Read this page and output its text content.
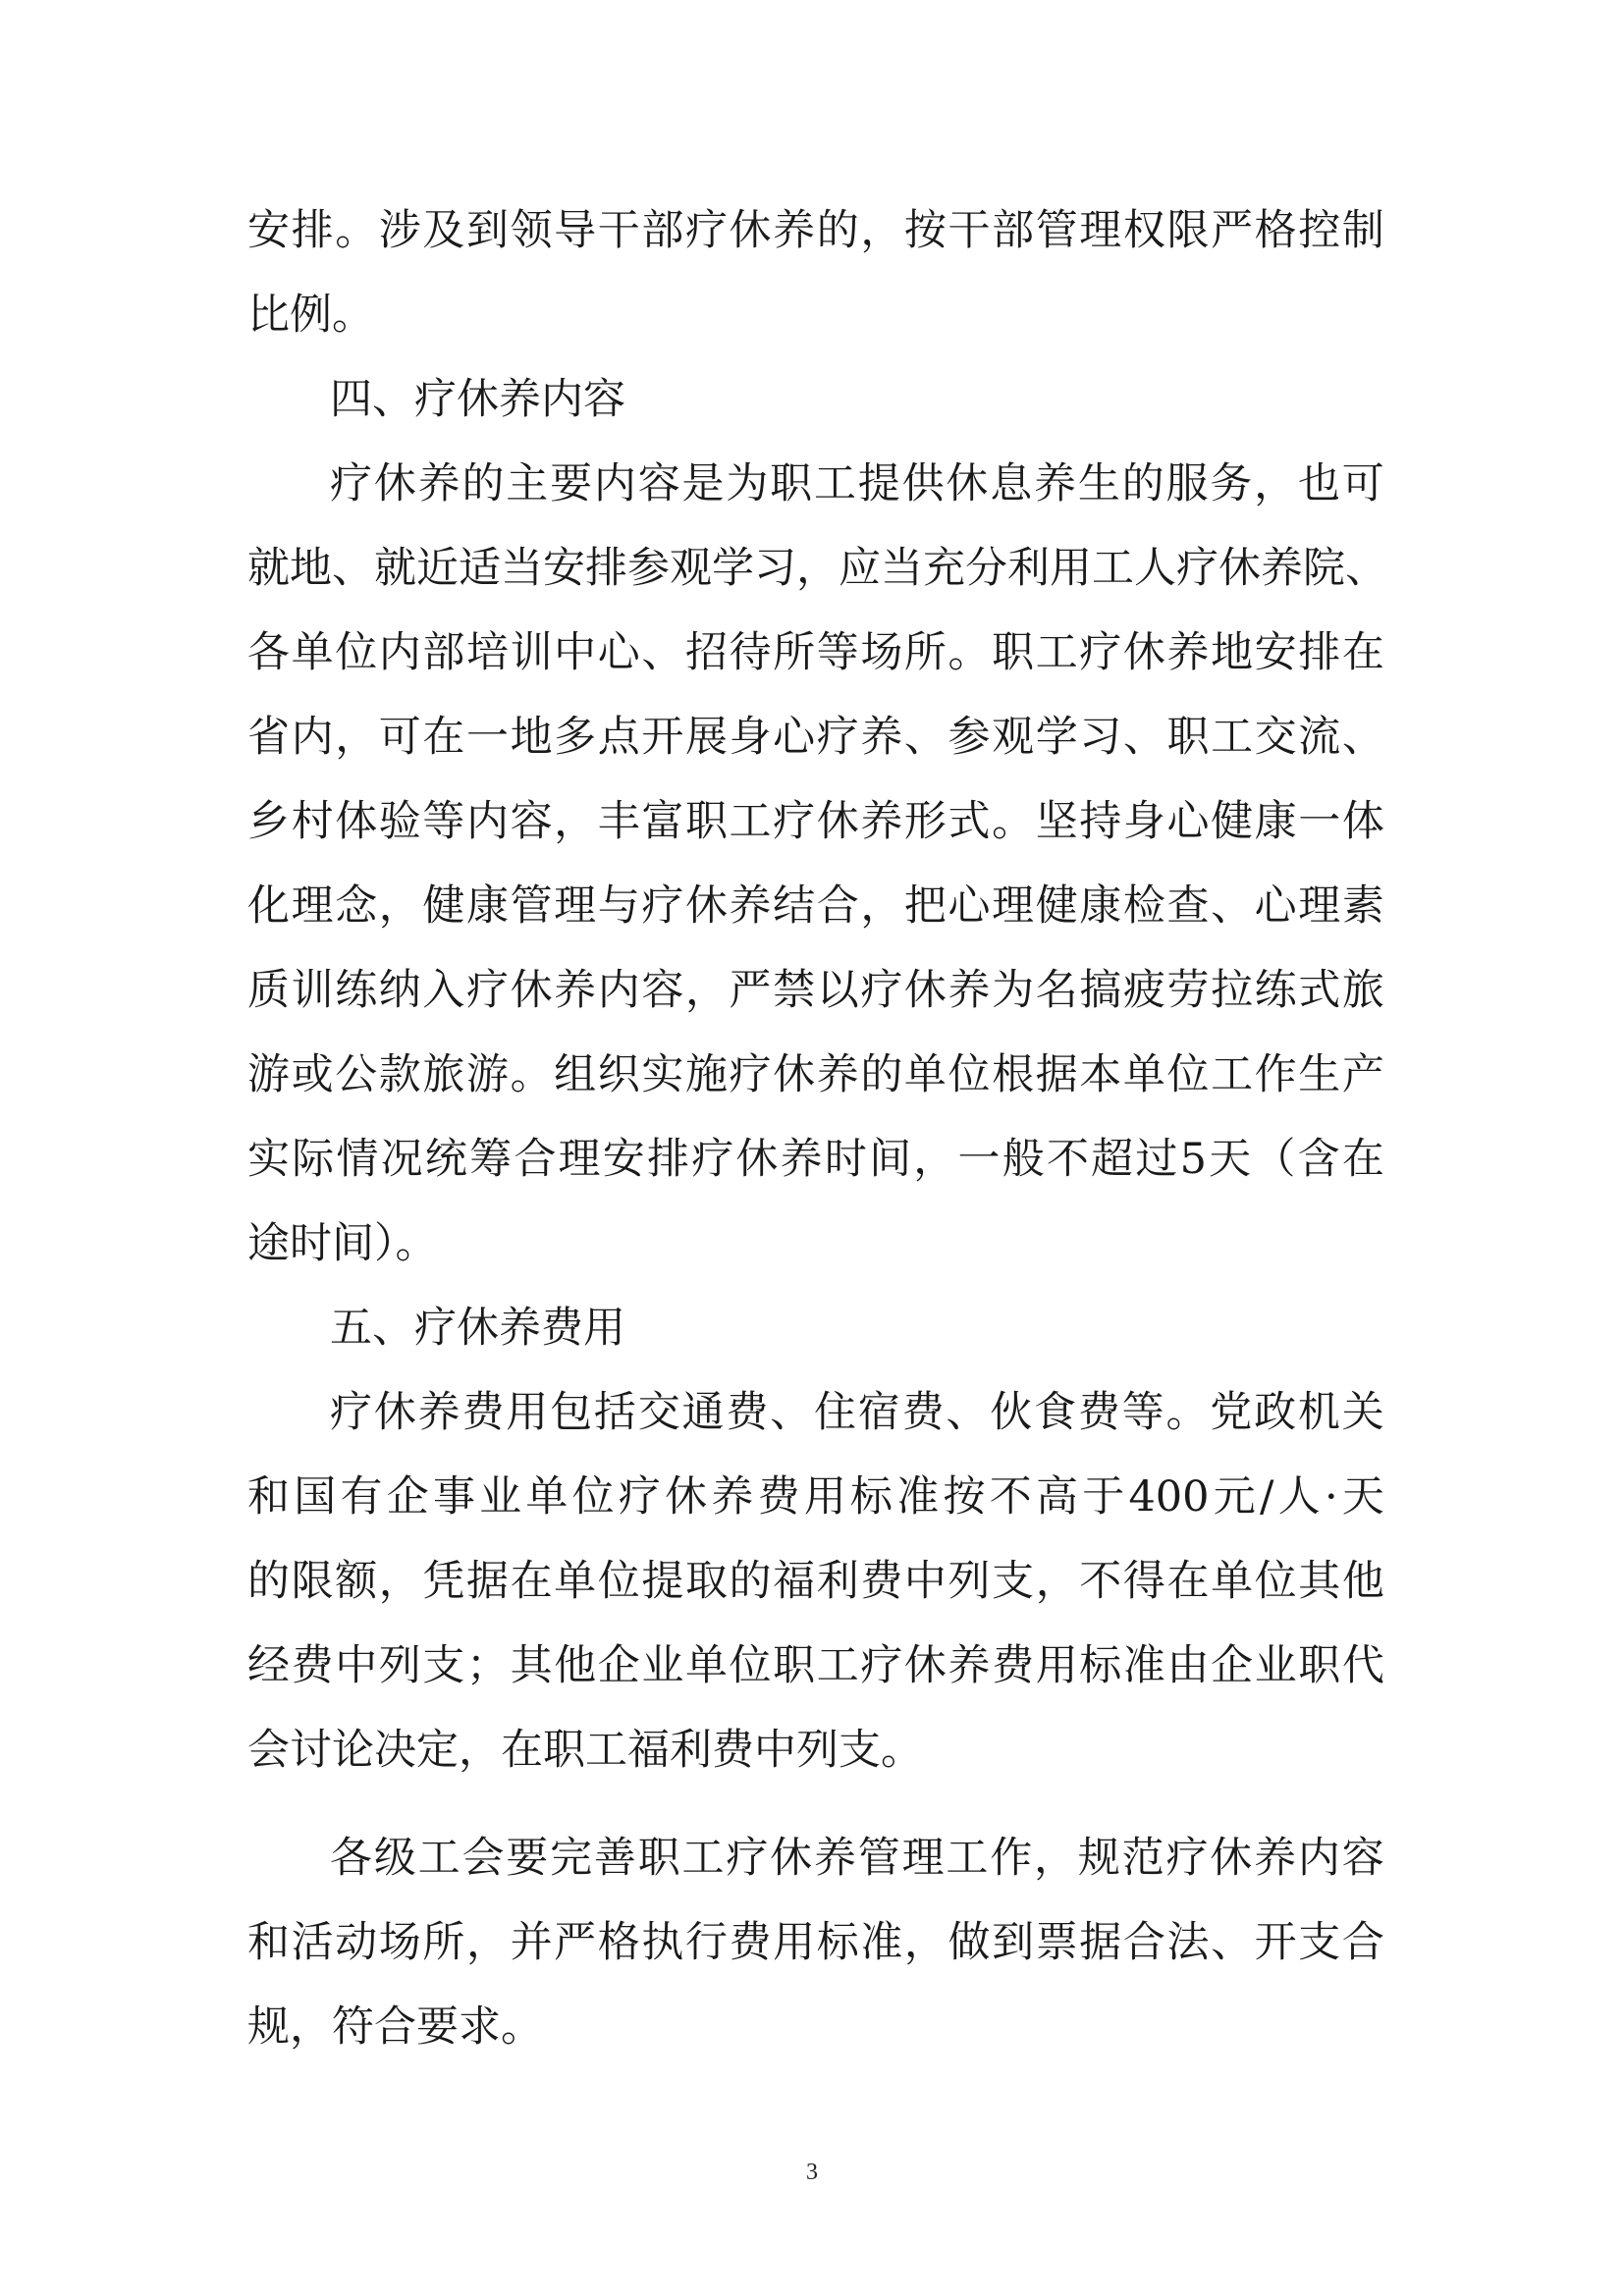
安 排 。 涉 及 到 领 导 干 部 疗 休 养 的 ， 按 干 部 管 理 权 限 严 格 控 制
比例。
四、疗休养内容
疗 休 养 的 主 要 内 容 是 为 职 工 提 供 休 息 养 生 的 服 务 ， 也 可
就 地 、 就 近 适 当 安 排 参 观 学 习 ， 应 当 充 分 利 用 工 人 疗 休 养 院 、
各 单 位 内 部 培 训 中 心 、 招 待 所 等 场 所 。 职 工 疗 休 养 地 安 排 在
省 内 ， 可 在 一 地 多 点 开 展 身 心 疗 养 、 参 观 学 习 、 职 工 交 流 、
乡 村 体 验 等 内 容 ， 丰 富 职 工 疗 休 养 形 式 。 坚 持 身 心 健 康 一 体
化 理 念 ， 健 康 管 理 与 疗 休 养 结 合 ， 把 心 理 健 康 检 查 、 心 理 素
质 训 练 纳 入 疗 休 养 内 容 ， 严 禁 以 疗 休 养 为 名 搞 疲 劳 拉 练 式 旅
游 或 公 款 旅 游 。 组 织 实 施 疗 休 养 的 单 位 根 据 本 单 位 工 作 生 产
实 际 情 况 统 筹 合 理 安 排 疗 休 养 时 间 ， 一 般 不 超 过 5 天 （ 含 在
途时间）。
五、疗休养费用
疗 休 养 费 用 包 括 交 通 费 、 住 宿 费 、 伙 食 费 等 。 党 政 机 关
和 国 有 企 事 业 单 位 疗 休 养 费 用 标 准 按 不 高 于 400 元 / 人 · 天
的 限 额 ， 凭 据 在 单 位 提 取 的 福 利 费 中 列 支 ， 不 得 在 单 位 其 他
经 费 中 列 支 ； 其 他 企 业 单 位 职 工 疗 休 养 费 用 标 准 由 企 业 职 代
会讨论决定，在职工福利费中列支。
各 级 工 会 要 完 善 职 工 疗 休 养 管 理 工 作 ， 规 范 疗 休 养 内 容
和 活 动 场 所 ， 并 严 格 执 行 费 用 标 准 ， 做 到 票 据 合 法 、 开 支 合
规，符合要求。
3
